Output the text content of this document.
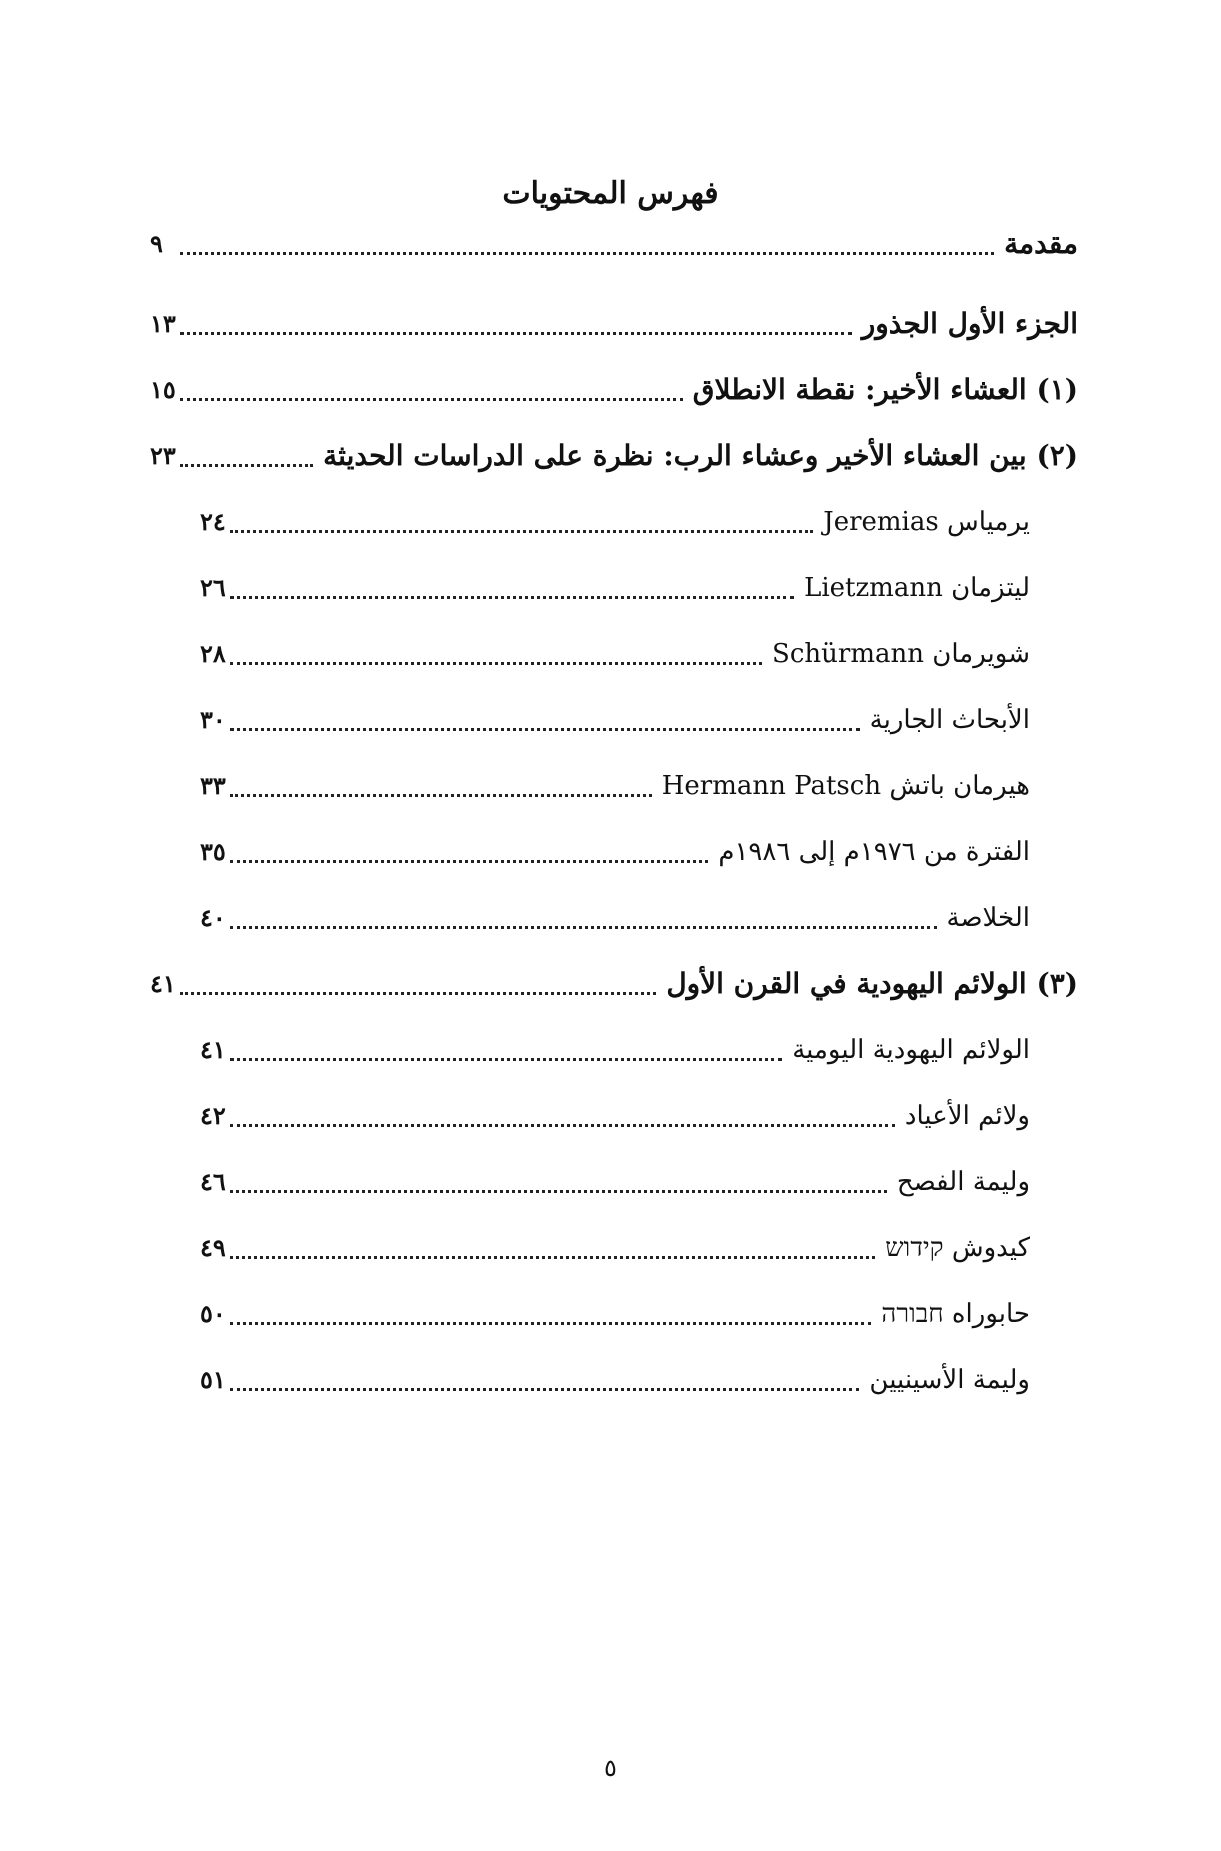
فهرس المحتويات
مقدمة
٩
الجزء الأول الجذور
١٣
(١) العشاء الأخير: نقطة الانطلاق
١٥
(٢) بين العشاء الأخير وعشاء الرب: نظرة على الدراسات الحديثة
٢٣
يرمياس Jeremias
٢٤
ليتزمان Lietzmann
٢٦
شويرمان Schürmann
٢٨
الأبحاث الجارية
٣٠
هيرمان باتش Hermann Patsch
٣٣
الفترة من ١٩٧٦م إلى ١٩٨٦م
٣٥
الخلاصة
٤٠
(٣) الولائم اليهودية في القرن الأول
٤١
الولائم اليهودية اليومية
٤١
ولائم الأعياد
٤٢
وليمة الفصح
٤٦
كيدوش קידוש
٤٩
حابوراه חבורה
٥٠
وليمة الأسينيين
٥١
٥
